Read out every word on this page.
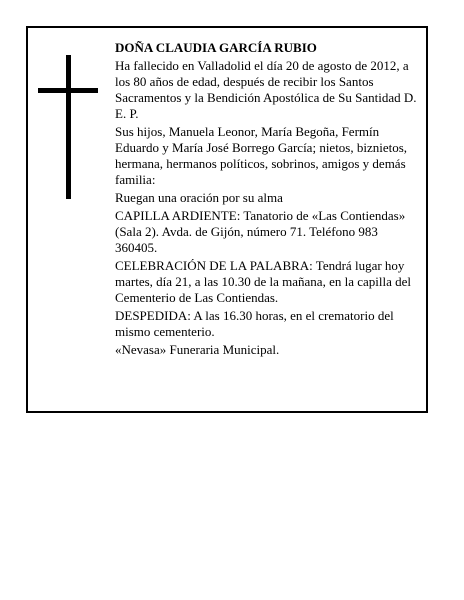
DOÑA CLAUDIA GARCÍA RUBIO
Ha fallecido en Valladolid el día 20 de agosto de 2012, a los 80 años de edad, después de recibir los Santos Sacramentos y la Bendición Apostólica de Su Santidad D. E. P.
Sus hijos, Manuela Leonor, María Begoña, Fermín Eduardo y María José Borrego García; nietos, biznietos, hermana, hermanos políticos, sobrinos, amigos y demás familia:
Ruegan una oración por su alma
CAPILLA ARDIENTE: Tanatorio de «Las Contiendas» (Sala 2). Avda. de Gijón, número 71. Teléfono 983 360405.
CELEBRACIÓN DE LA PALABRA: Tendrá lugar hoy martes, día 21, a las 10.30 de la mañana, en la capilla del Cementerio de Las Contiendas.
DESPEDIDA: A las 16.30 horas, en el crematorio del mismo cementerio.
«Nevasa» Funeraria Municipal.
